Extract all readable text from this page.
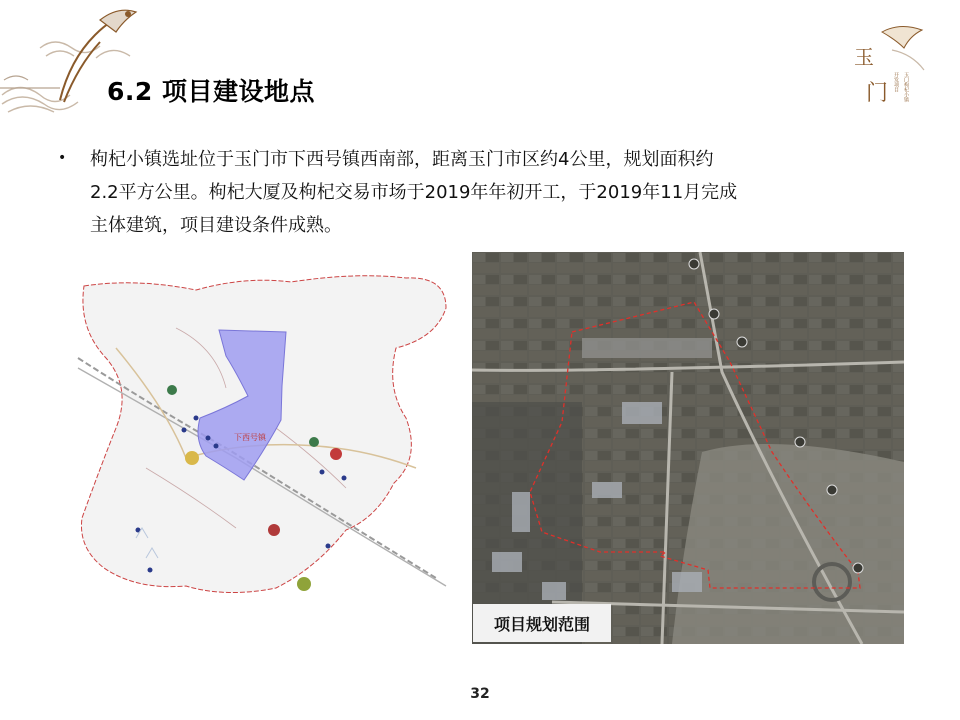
6.2 项目建设地点
玉
门 开发项目 玉门枸杞小镇
• 枸杞小镇选址位于玉门市下西号镇西南部，距离玉门市区约4公里，规划面积约
2.2平方公里。枸杞大厦及枸杞交易市场于2019年年初开工，于2019年11月完成
主体建筑，项目建设条件成熟。
下西号镇
项目规划范围
32
